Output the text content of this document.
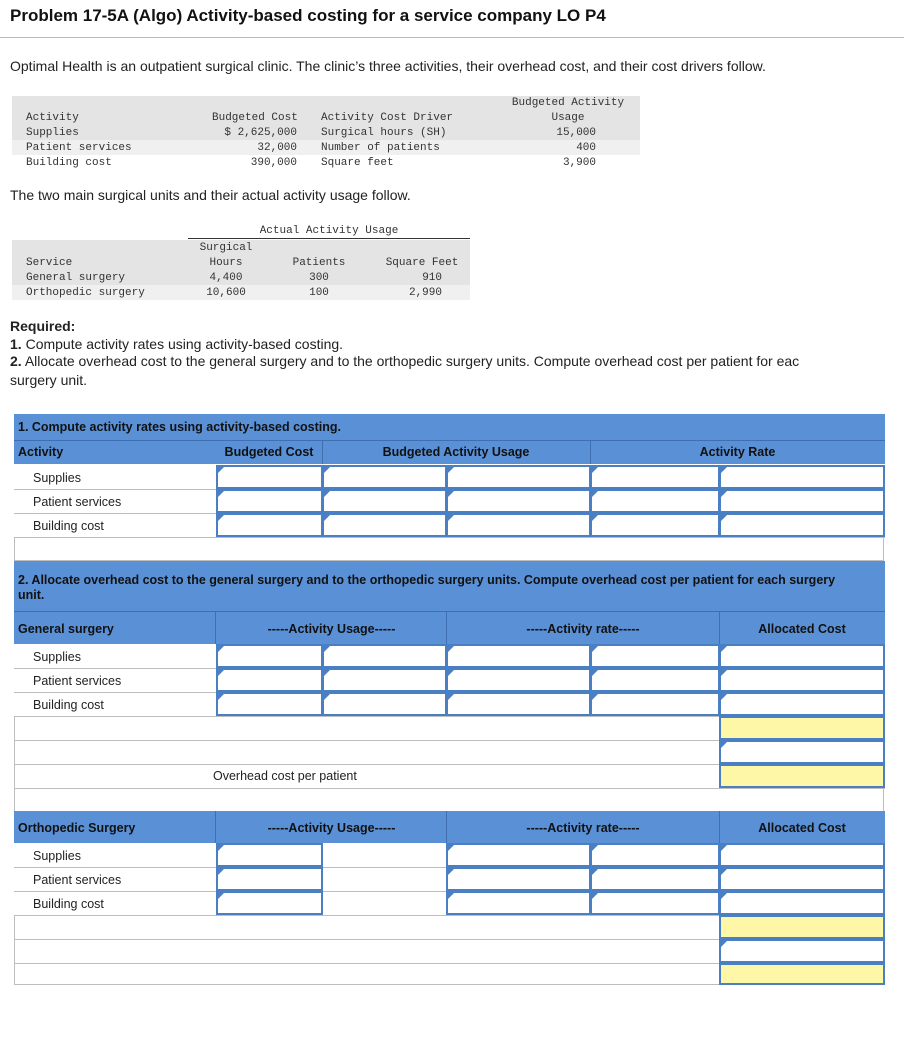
Problem 17-5A (Algo) Activity-based costing for a service company LO P4
Optimal Health is an outpatient surgical clinic. The clinic’s three activities, their overhead cost, and their cost drivers follow.
Activity	Budgeted Cost Activity Cost Driver
Budgeted Activity
Usage
Supplies	$ 2,625,000 Surgical hours (SH)	15,000
Patient services	32,000 Number of patients	400
Building cost	390,000 Square feet	3,900
The two main surgical units and their actual activity usage follow.
Actual Activity Usage
Service
Surgical
Hours	Patients	Square Feet
General surgery	4,400	300	910
Orthopedic surgery	10,600	100	2,990
Required:
1. Compute activity rates using activity-based costing.
2. Allocate overhead cost to the general surgery and to the orthopedic surgery units. Compute overhead cost per patient for eac
surgery unit.
1. Compute activity rates using activity-based costing.
Activity	Budgeted Cost	Budgeted Activity Usage	Activity Rate
Supplies
Patient services
Building cost
2. Allocate overhead cost to the general surgery and to the orthopedic surgery units. Compute overhead cost per patient for each surgery
unit.
General surgery	-----Activity Usage-----	-----Activity rate-----	Allocated Cost
Supplies
Patient services
Building cost
Overhead cost per patient
Orthopedic Surgery	-----Activity Usage-----	-----Activity rate-----	Allocated Cost
Supplies
Patient services
Building cost
